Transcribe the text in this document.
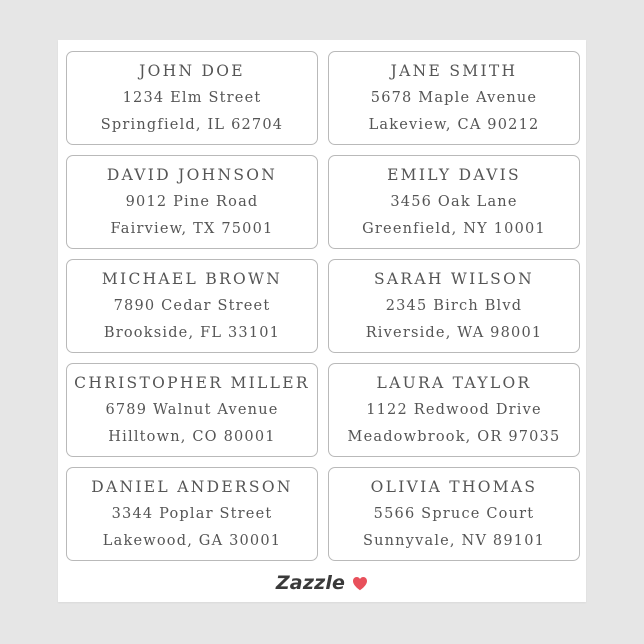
JOHN DOE
1234 Elm Street
Springfield, IL 62704
JANE SMITH
5678 Maple Avenue
Lakeview, CA 90212
DAVID JOHNSON
9012 Pine Road
Fairview, TX 75001
EMILY DAVIS
3456 Oak Lane
Greenfield, NY 10001
MICHAEL BROWN
7890 Cedar Street
Brookside, FL 33101
SARAH WILSON
2345 Birch Blvd
Riverside, WA 98001
CHRISTOPHER MILLER
6789 Walnut Avenue
Hilltown, CO 80001
LAURA TAYLOR
1122 Redwood Drive
Meadowbrook, OR 97035
DANIEL ANDERSON
3344 Poplar Street
Lakewood, GA 30001
OLIVIA THOMAS
5566 Spruce Court
Sunnyvale, NV 89101
Zazzle
